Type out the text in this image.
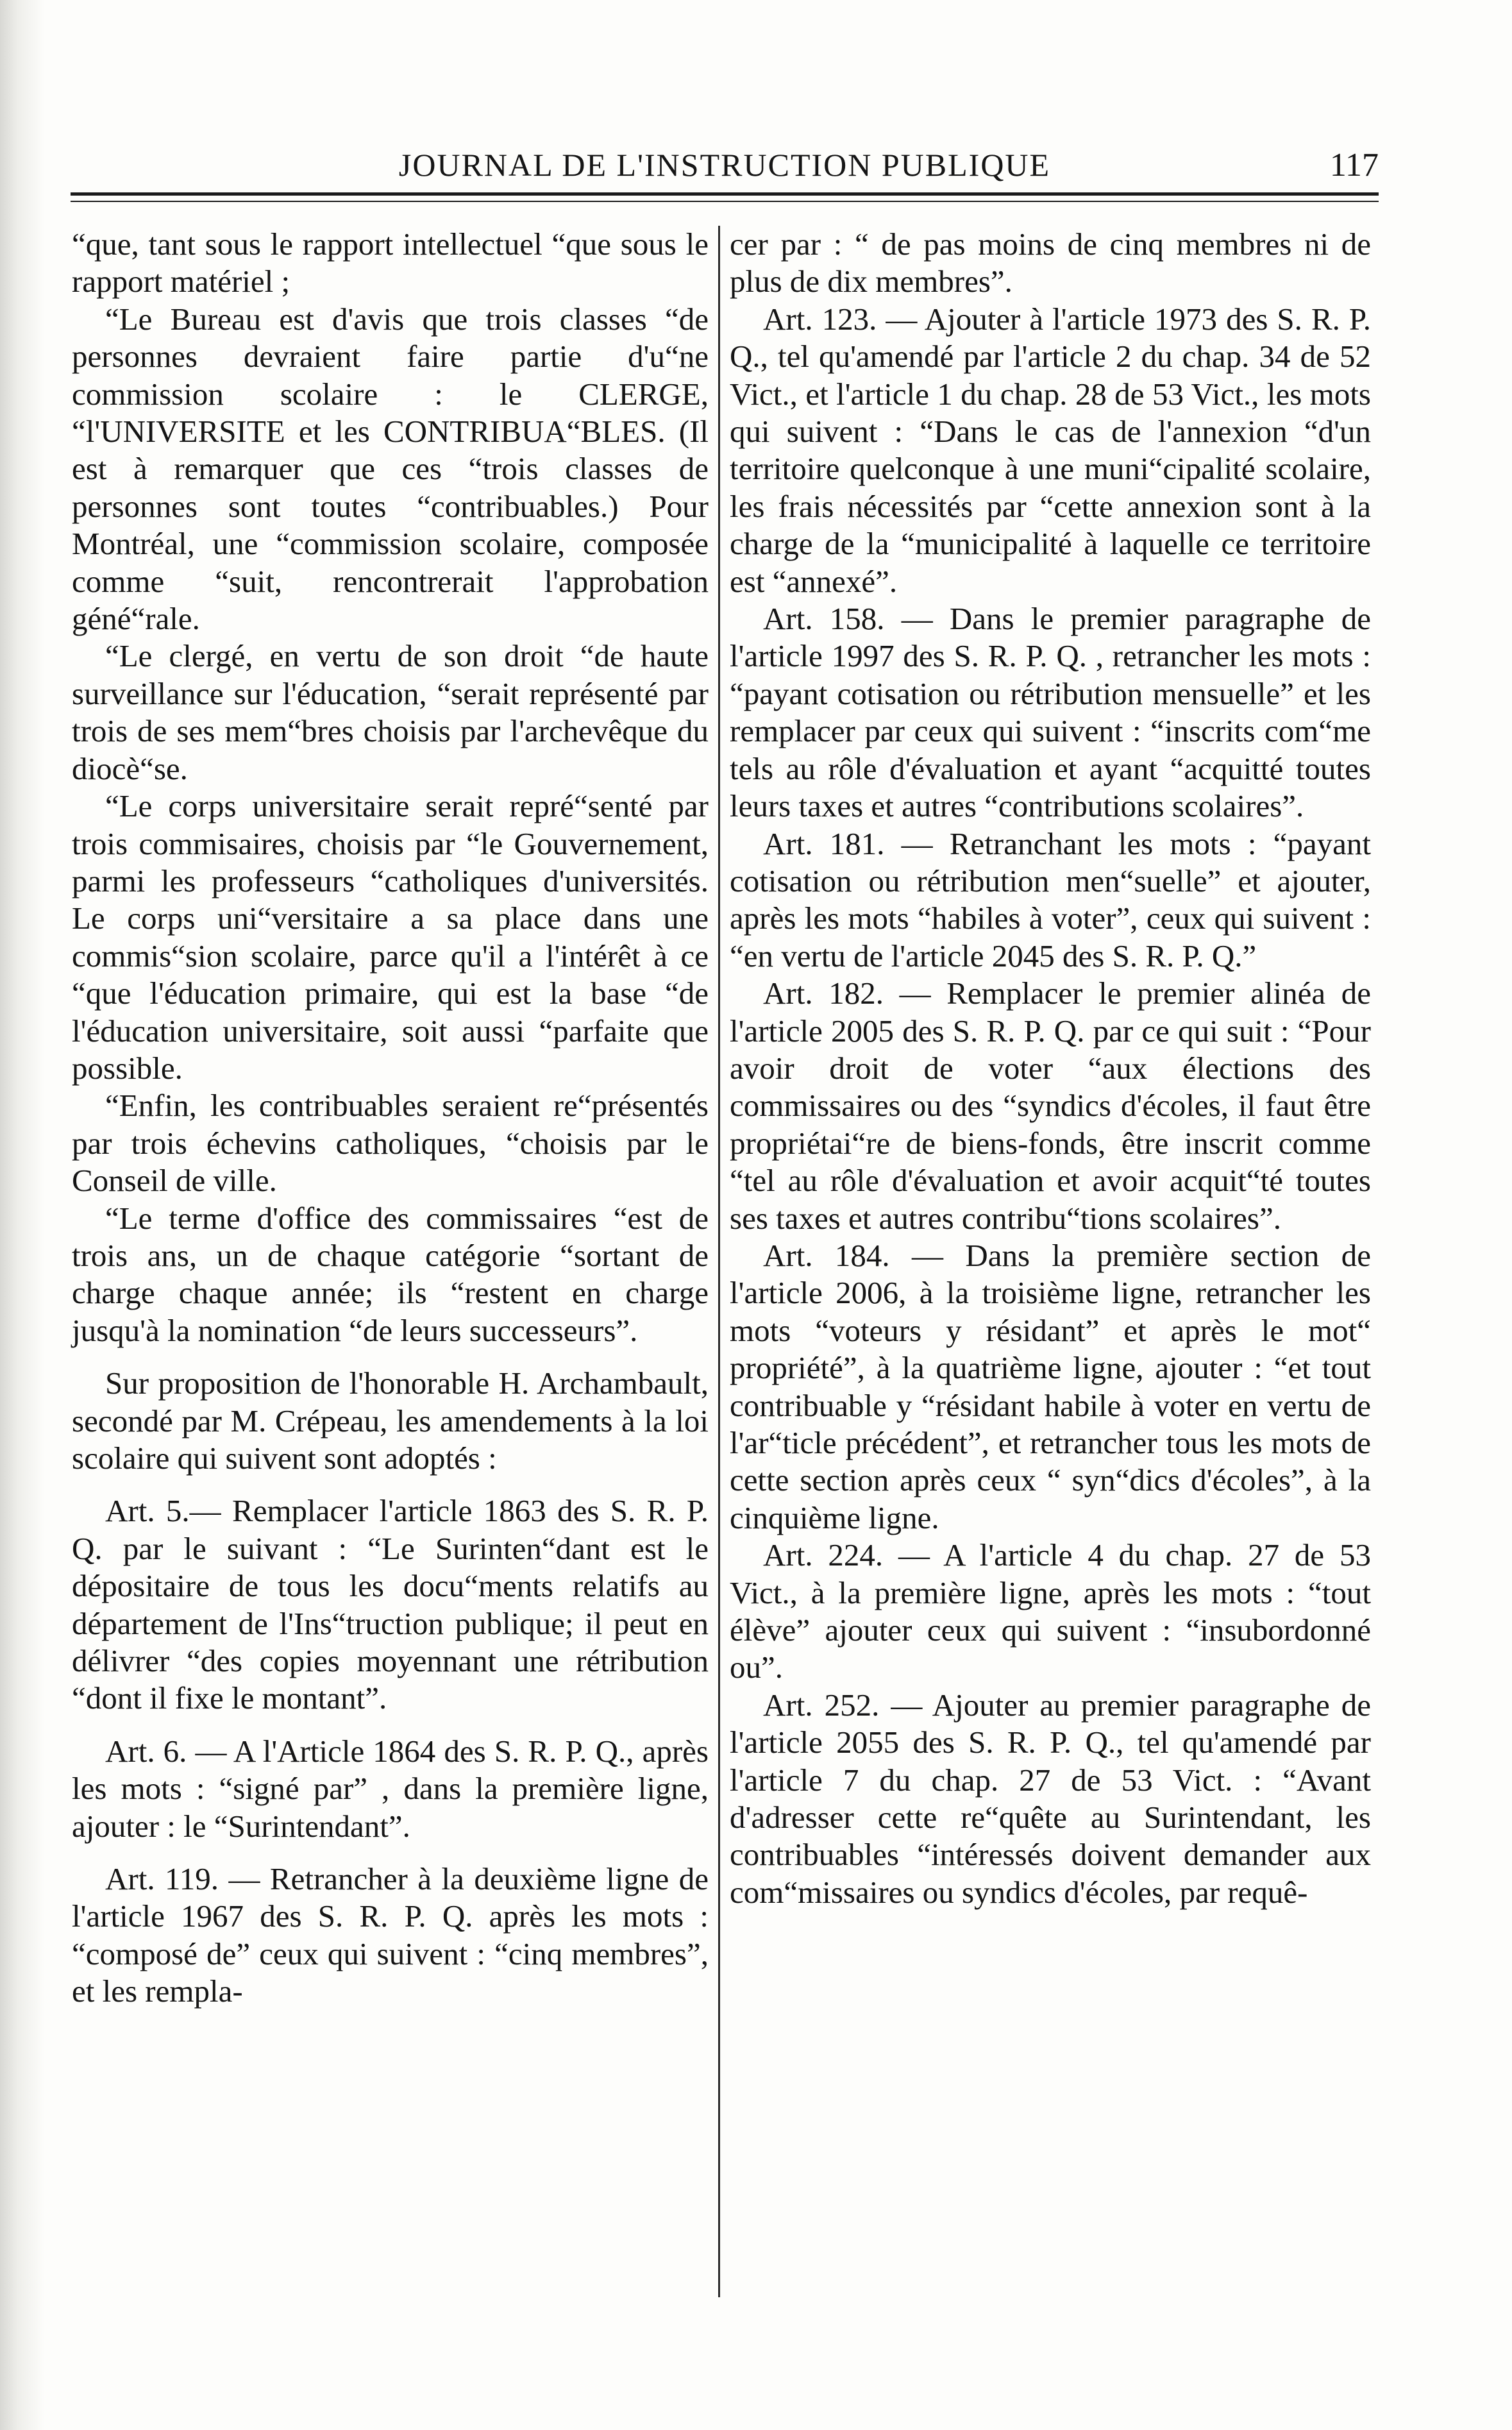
JOURNAL DE L'INSTRUCTION PUBLIQUE	117

“que, tant sous le rapport intellectuel “que sous le rapport matériel ;

“Le Bureau est d'avis que trois classes “de personnes devraient faire partie d'u“ne commission scolaire : le CLERGE, “l'UNIVERSITE et les CONTRIBUA“BLES. (Il est à remarquer que ces “trois classes de personnes sont toutes “contribuables.) Pour Montréal, une “commission scolaire, composée comme “suit, rencontrerait l'approbation géné“rale.

“Le clergé, en vertu de son droit “de haute surveillance sur l'éducation, “serait représenté par trois de ses mem“bres choisis par l'archevêque du diocè“se.

“Le corps universitaire serait repré“senté par trois commisaires, choisis par “le Gouvernement, parmi les professeurs “catholiques d'universités. Le corps uni“versitaire a sa place dans une commis“sion scolaire, parce qu'il a l'intérêt à ce “que l'éducation primaire, qui est la base “de l'éducation universitaire, soit aussi “parfaite que possible.

“Enfin, les contribuables seraient re“présentés par trois échevins catholiques, “choisis par le Conseil de ville.

“Le terme d'office des commissaires “est de trois ans, un de chaque catégorie “sortant de charge chaque année; ils “restent en charge jusqu'à la nomination “de leurs successeurs”.

Sur proposition de l'honorable H. Archambault, secondé par M. Crépeau, les amendements à la loi scolaire qui suivent sont adoptés :

Art. 5.— Remplacer l'article 1863 des S. R. P. Q. par le suivant : “Le Surinten“dant est le dépositaire de tous les docu“ments relatifs au département de l'Ins“truction publique; il peut en délivrer “des copies moyennant une rétribution “dont il fixe le montant”.

Art. 6. — A l'Article 1864 des S. R. P. Q., après les mots : “signé par” , dans la première ligne, ajouter : le “Surintendant”.

Art. 119. — Retrancher à la deuxième ligne de l'article 1967 des S. R. P. Q. après les mots : “composé de” ceux qui suivent : “cinq membres”, et les rempla-

cer par : “ de pas moins de cinq membres ni de plus de dix membres”.

Art. 123. — Ajouter à l'article 1973 des S. R. P. Q., tel qu'amendé par l'article 2 du chap. 34 de 52 Vict., et l'article 1 du chap. 28 de 53 Vict., les mots qui suivent : “Dans le cas de l'annexion “d'un territoire quelconque à une muni“cipalité scolaire, les frais nécessités par “cette annexion sont à la charge de la “municipalité à laquelle ce territoire est “annexé”.

Art. 158. — Dans le premier paragraphe de l'article 1997 des S. R. P. Q. , retrancher les mots : “payant cotisation ou rétribution mensuelle” et les remplacer par ceux qui suivent : “inscrits com“me tels au rôle d'évaluation et ayant “acquitté toutes leurs taxes et autres “contributions scolaires”.

Art. 181. — Retranchant les mots : “payant cotisation ou rétribution men“suelle” et ajouter, après les mots “habiles à voter”, ceux qui suivent : “en vertu de l'article 2045 des S. R. P. Q.”

Art. 182. — Remplacer le premier alinéa de l'article 2005 des S. R. P. Q. par ce qui suit : “Pour avoir droit de voter “aux élections des commissaires ou des “syndics d'écoles, il faut être propriétai“re de biens-fonds, être inscrit comme “tel au rôle d'évaluation et avoir acquit“té toutes ses taxes et autres contribu“tions scolaires”.

Art. 184. — Dans la première section de l'article 2006, à la troisième ligne, retrancher les mots “voteurs y résidant” et après le mot“ propriété”, à la quatrième ligne, ajouter : “et tout contribuable y “résidant habile à voter en vertu de l'ar“ticle précédent”, et retrancher tous les mots de cette section après ceux “ syn“dics d'écoles”, à la cinquième ligne.

Art. 224. — A l'article 4 du chap. 27 de 53 Vict., à la première ligne, après les mots : “tout élève” ajouter ceux qui suivent : “insubordonné ou”.

Art. 252. — Ajouter au premier paragraphe de l'article 2055 des S. R. P. Q., tel qu'amendé par l'article 7 du chap. 27 de 53 Vict. : “Avant d'adresser cette re“quête au Surintendant, les contribuables “intéressés doivent demander aux com“missaires ou syndics d'écoles, par requê-
